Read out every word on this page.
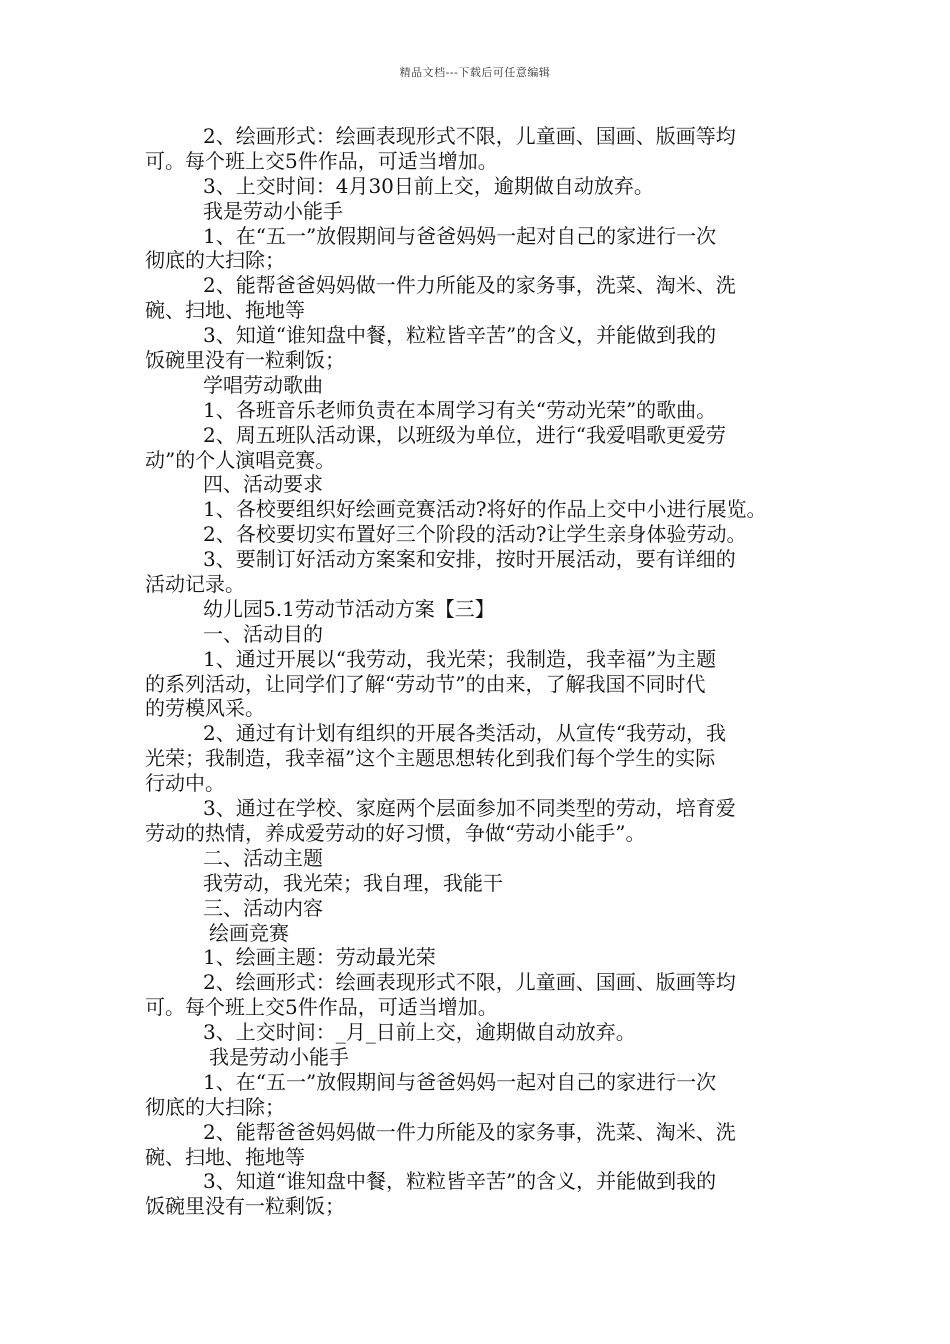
精品文档---下载后可任意编辑
2、绘画形式：绘画表现形式不限，儿童画、国画、版画等均
可。每个班上交5件作品，可适当增加。
3、上交时间：4月30日前上交，逾期做自动放弃。
我是劳动小能手
1、在“五一”放假期间与爸爸妈妈一起对自己的家进行一次
彻底的大扫除；
2、能帮爸爸妈妈做一件力所能及的家务事，洗菜、淘米、洗
碗、扫地、拖地等
3、知道“谁知盘中餐，粒粒皆辛苦”的含义，并能做到我的
饭碗里没有一粒剩饭；
学唱劳动歌曲
1、各班音乐老师负责在本周学习有关“劳动光荣”的歌曲。
2、周五班队活动课，以班级为单位，进行“我爱唱歌更爱劳
动”的个人演唱竞赛。
四、活动要求
1、各校要组织好绘画竞赛活动?将好的作品上交中小进行展览。
2、各校要切实布置好三个阶段的活动?让学生亲身体验劳动。
3、要制订好活动方案案和安排，按时开展活动，要有详细的
活动记录。
幼儿园5.1劳动节活动方案【三】
一、活动目的
1、通过开展以“我劳动，我光荣；我制造，我幸福”为主题
的系列活动，让同学们了解“劳动节”的由来，了解我国不同时代
的劳模风采。
2、通过有计划有组织的开展各类活动，从宣传“我劳动，我
光荣；我制造，我幸福”这个主题思想转化到我们每个学生的实际
行动中。
3、通过在学校、家庭两个层面参加不同类型的劳动，培育爱
劳动的热情，养成爱劳动的好习惯，争做“劳动小能手”。
二、活动主题
我劳动，我光荣；我自理，我能干
三、活动内容
绘画竞赛
1、绘画主题：劳动最光荣
2、绘画形式：绘画表现形式不限，儿童画、国画、版画等均
可。每个班上交5件作品，可适当增加。
3、上交时间：_月_日前上交，逾期做自动放弃。
我是劳动小能手
1、在“五一”放假期间与爸爸妈妈一起对自己的家进行一次
彻底的大扫除；
2、能帮爸爸妈妈做一件力所能及的家务事，洗菜、淘米、洗
碗、扫地、拖地等
3、知道“谁知盘中餐，粒粒皆辛苦”的含义，并能做到我的
饭碗里没有一粒剩饭；
